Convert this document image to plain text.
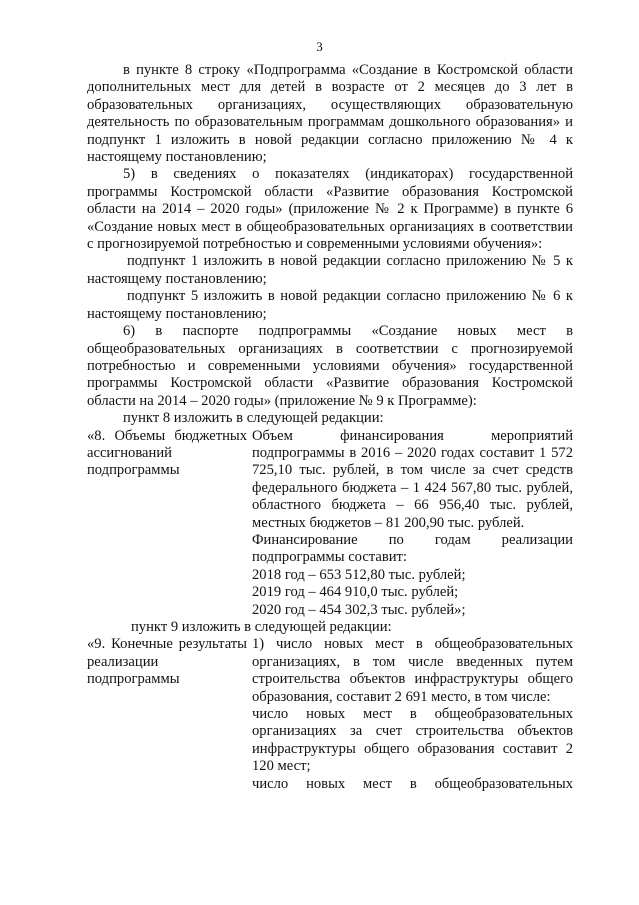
3

в пункте 8 строку «Подпрограмма «Создание в Костромской области дополнительных мест для детей в возрасте от 2 месяцев до 3 лет в образовательных организациях, осуществляющих образовательную деятельность по образовательным программам дошкольного образования» и подпункт 1 изложить в новой редакции согласно приложению № 4 к настоящему постановлению;

5) в сведениях о показателях (индикаторах) государственной программы Костромской области «Развитие образования Костромской области на 2014 – 2020 годы» (приложение № 2 к Программе) в пункте 6 «Создание новых мест в общеобразовательных организациях в соответствии с прогнозируемой потребностью и современными условиями обучения»:

подпункт 1 изложить в новой редакции согласно приложению № 5 к настоящему постановлению;

подпункт 5 изложить в новой редакции согласно приложению № 6 к настоящему постановлению;

6) в паспорте подпрограммы «Создание новых мест в общеобразовательных организациях в соответствии с прогнозируемой потребностью и современными условиями обучения» государственной программы Костромской области «Развитие образования Костромской области на 2014 – 2020 годы» (приложение № 9 к Программе):

пункт 8 изложить в следующей редакции:

«8. Объемы бюджетных

ассигнований подпрограммы

Объем финансирования мероприятий подпрограммы в 2016 – 2020 годах составит 1 572 725,10 тыс. рублей, в том числе за счет средств федерального бюджета – 1 424 567,80 тыс. рублей, областного бюджета – 66 956,40 тыс. рублей, местных бюджетов – 81 200,90 тыс. рублей.

Финансирование по годам реализации подпрограммы составит:

2018 год – 653 512,80 тыс. рублей;

2019 год – 464 910,0 тыс. рублей;

2020 год – 454 302,3 тыс. рублей»;

пункт 9 изложить в следующей редакции:

«9. Конечные результаты

реализации подпрограммы

1) число новых мест в общеобразовательных организациях, в том числе введенных путем строительства объектов инфраструктуры общего образования, составит 2 691 место, в том числе:

число новых мест в общеобразовательных организациях за счет строительства объектов инфраструктуры общего образования составит 2 120 мест;

число новых мест в общеобразовательных
